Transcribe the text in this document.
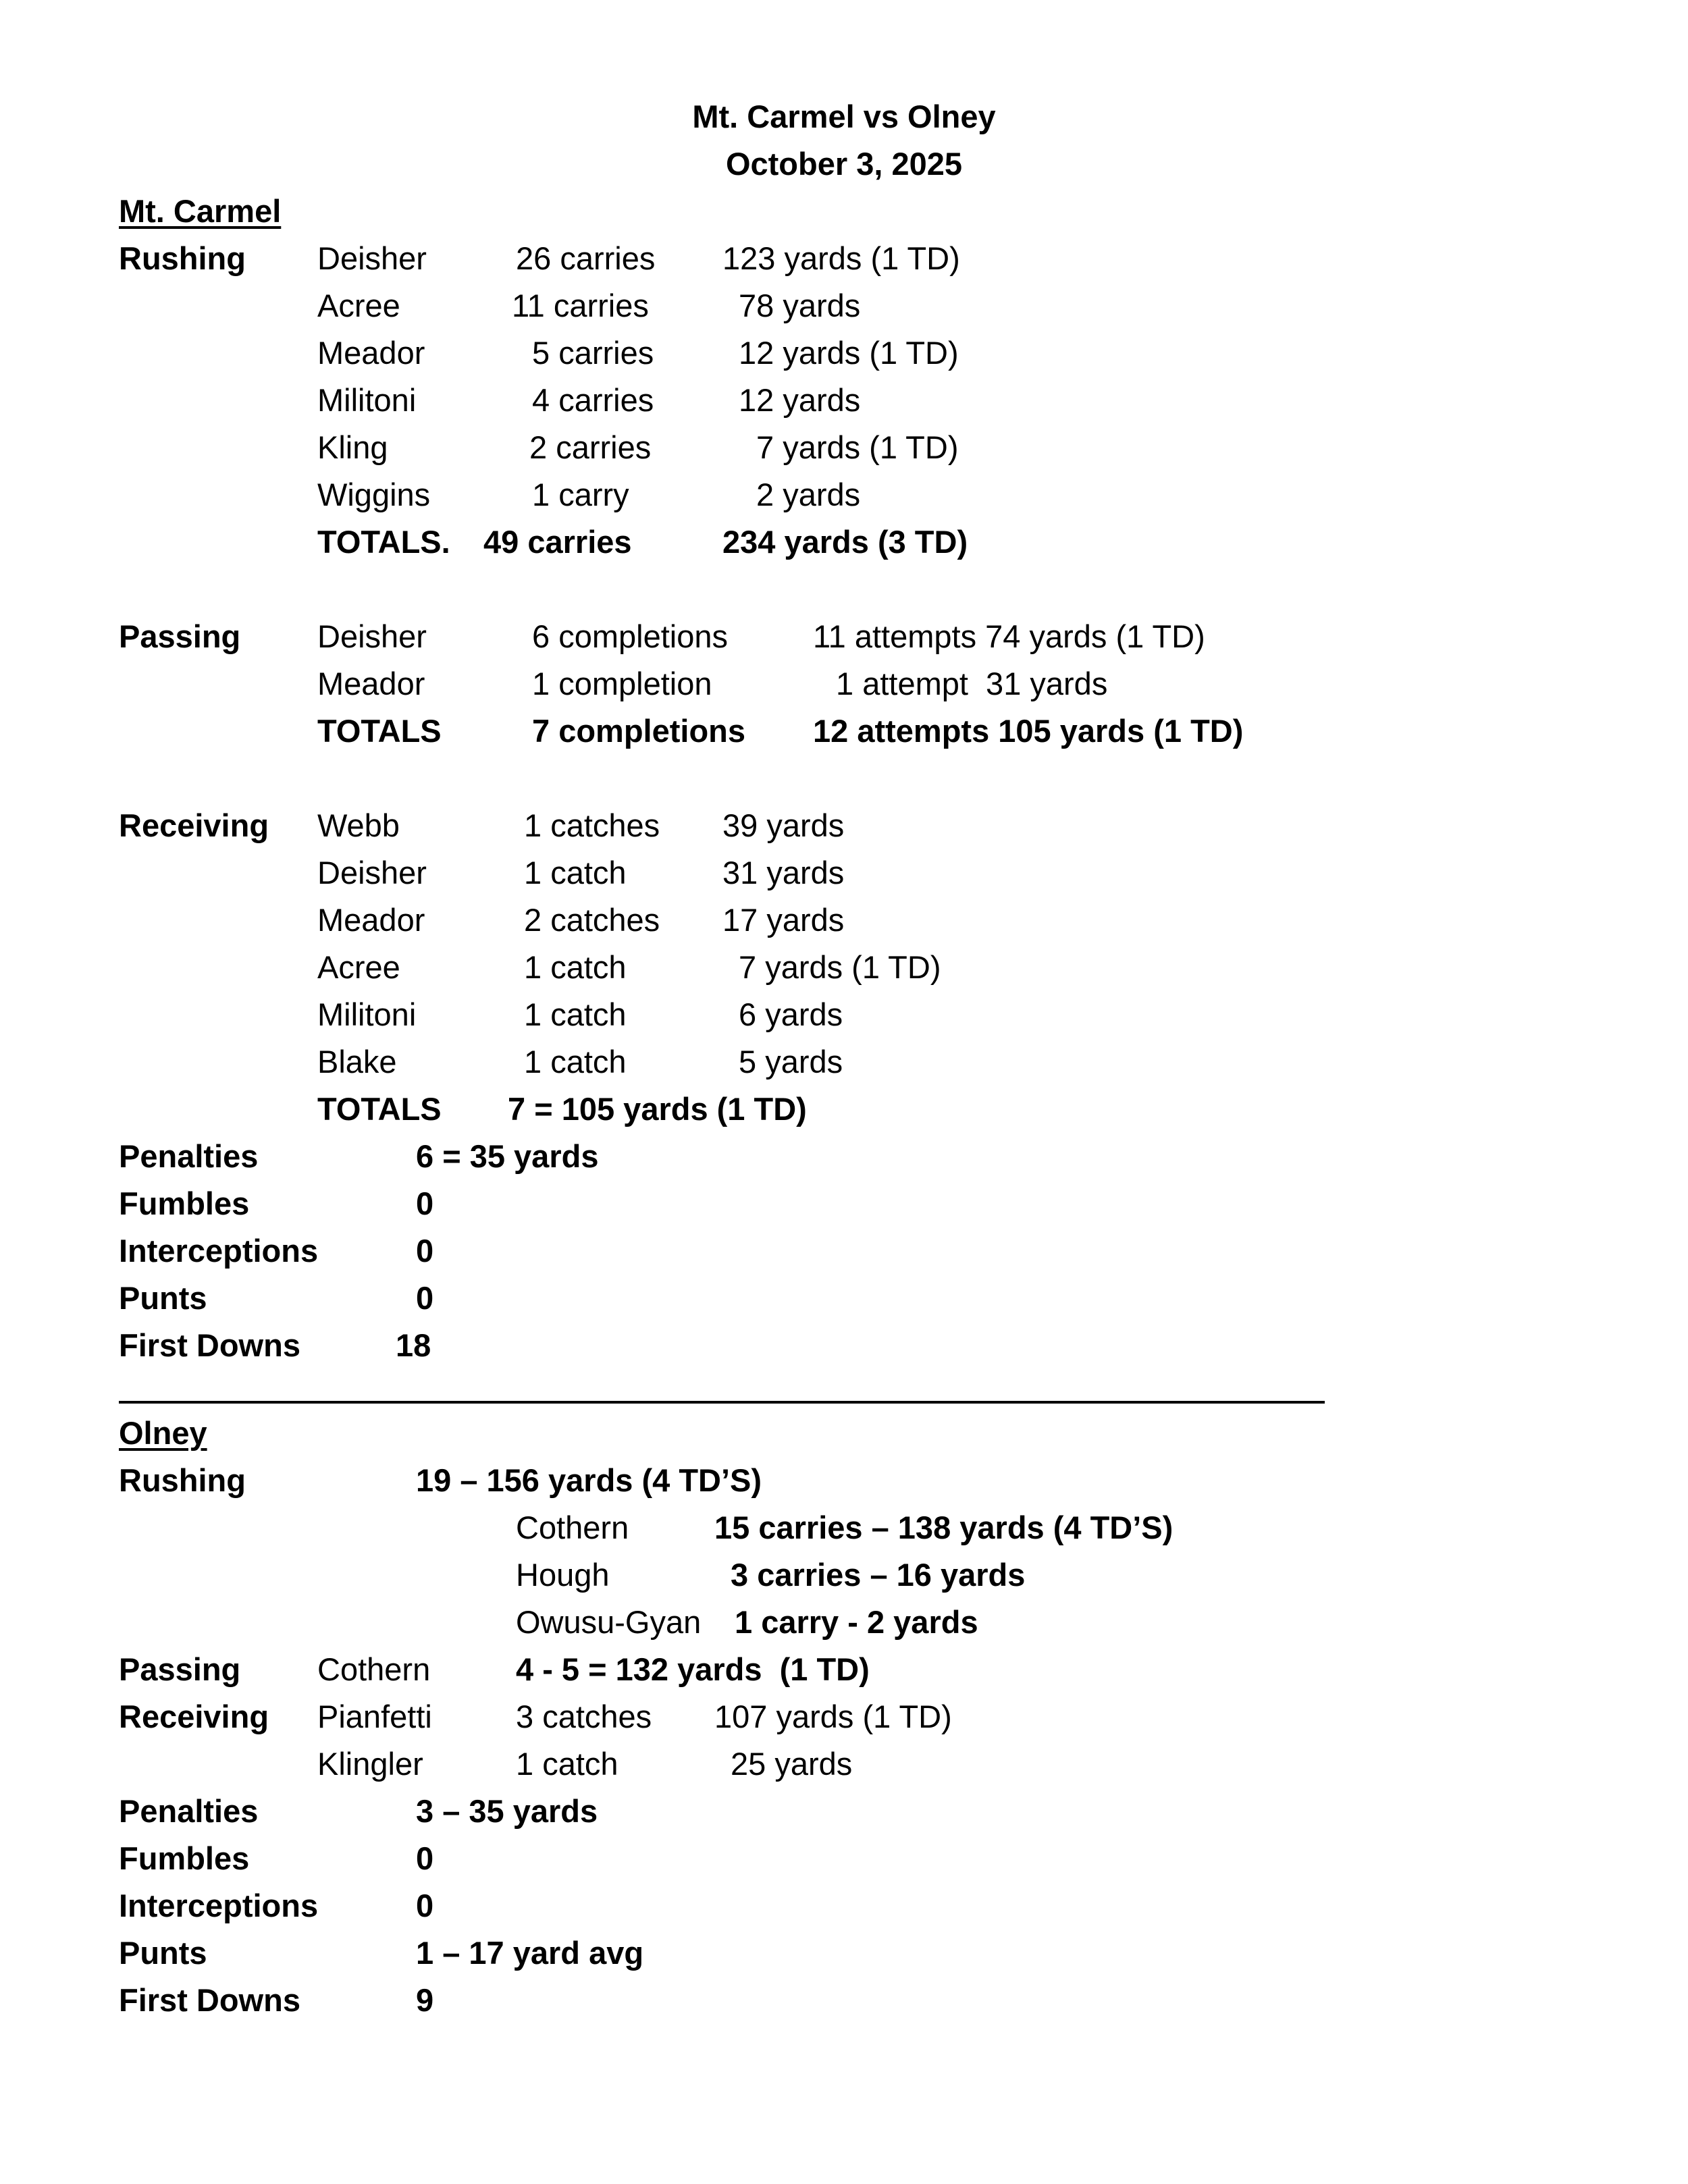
Mt. Carmel vs Olney
October 3, 2025
Mt. Carmel
Rushing Deisher	26 carries 123 yards (1 TD)
Acree	11 carries	78 yards
Meador	5 carries	12 yards (1 TD)
Militoni	4 carries	12 yards
Kling	2 carries	7 yards (1 TD)
Wiggins	1 carry	2 yards
TOTALS. 49 carries	234 yards (3 TD)
Passing Deisher	6 completions	11 attempts 74 yards (1 TD)
Meador	1 completion	1 attempt  31 yards
TOTALS	7 completions 12 attempts 105 yards (1 TD)
Receiving Webb	1 catches 39 yards
Deisher	1 catch	31 yards
Meador	2 catches 17 yards
Acree	1 catch	7 yards (1 TD)
Militoni	1 catch	6 yards
Blake	1 catch	5 yards
TOTALS 7 = 105 yards (1 TD)
Penalties	6 = 35 yards
Fumbles	0
Interceptions	0
Punts	0
First Downs	18
Olney
Rushing	19 – 156 yards (4 TD’S)
Cothern	15 carries – 138 yards (4 TD’S)
Hough	3 carries – 16 yards
Owusu-Gyan 1 carry - 2 yards
Passing Cothern	4 - 5 = 132 yards  (1 TD)
Receiving Pianfetti	3 catches 107 yards (1 TD)
Klingler	1 catch	25 yards
Penalties	3 – 35 yards
Fumbles	0
Interceptions	0
Punts	1 – 17 yard avg
First Downs	9
